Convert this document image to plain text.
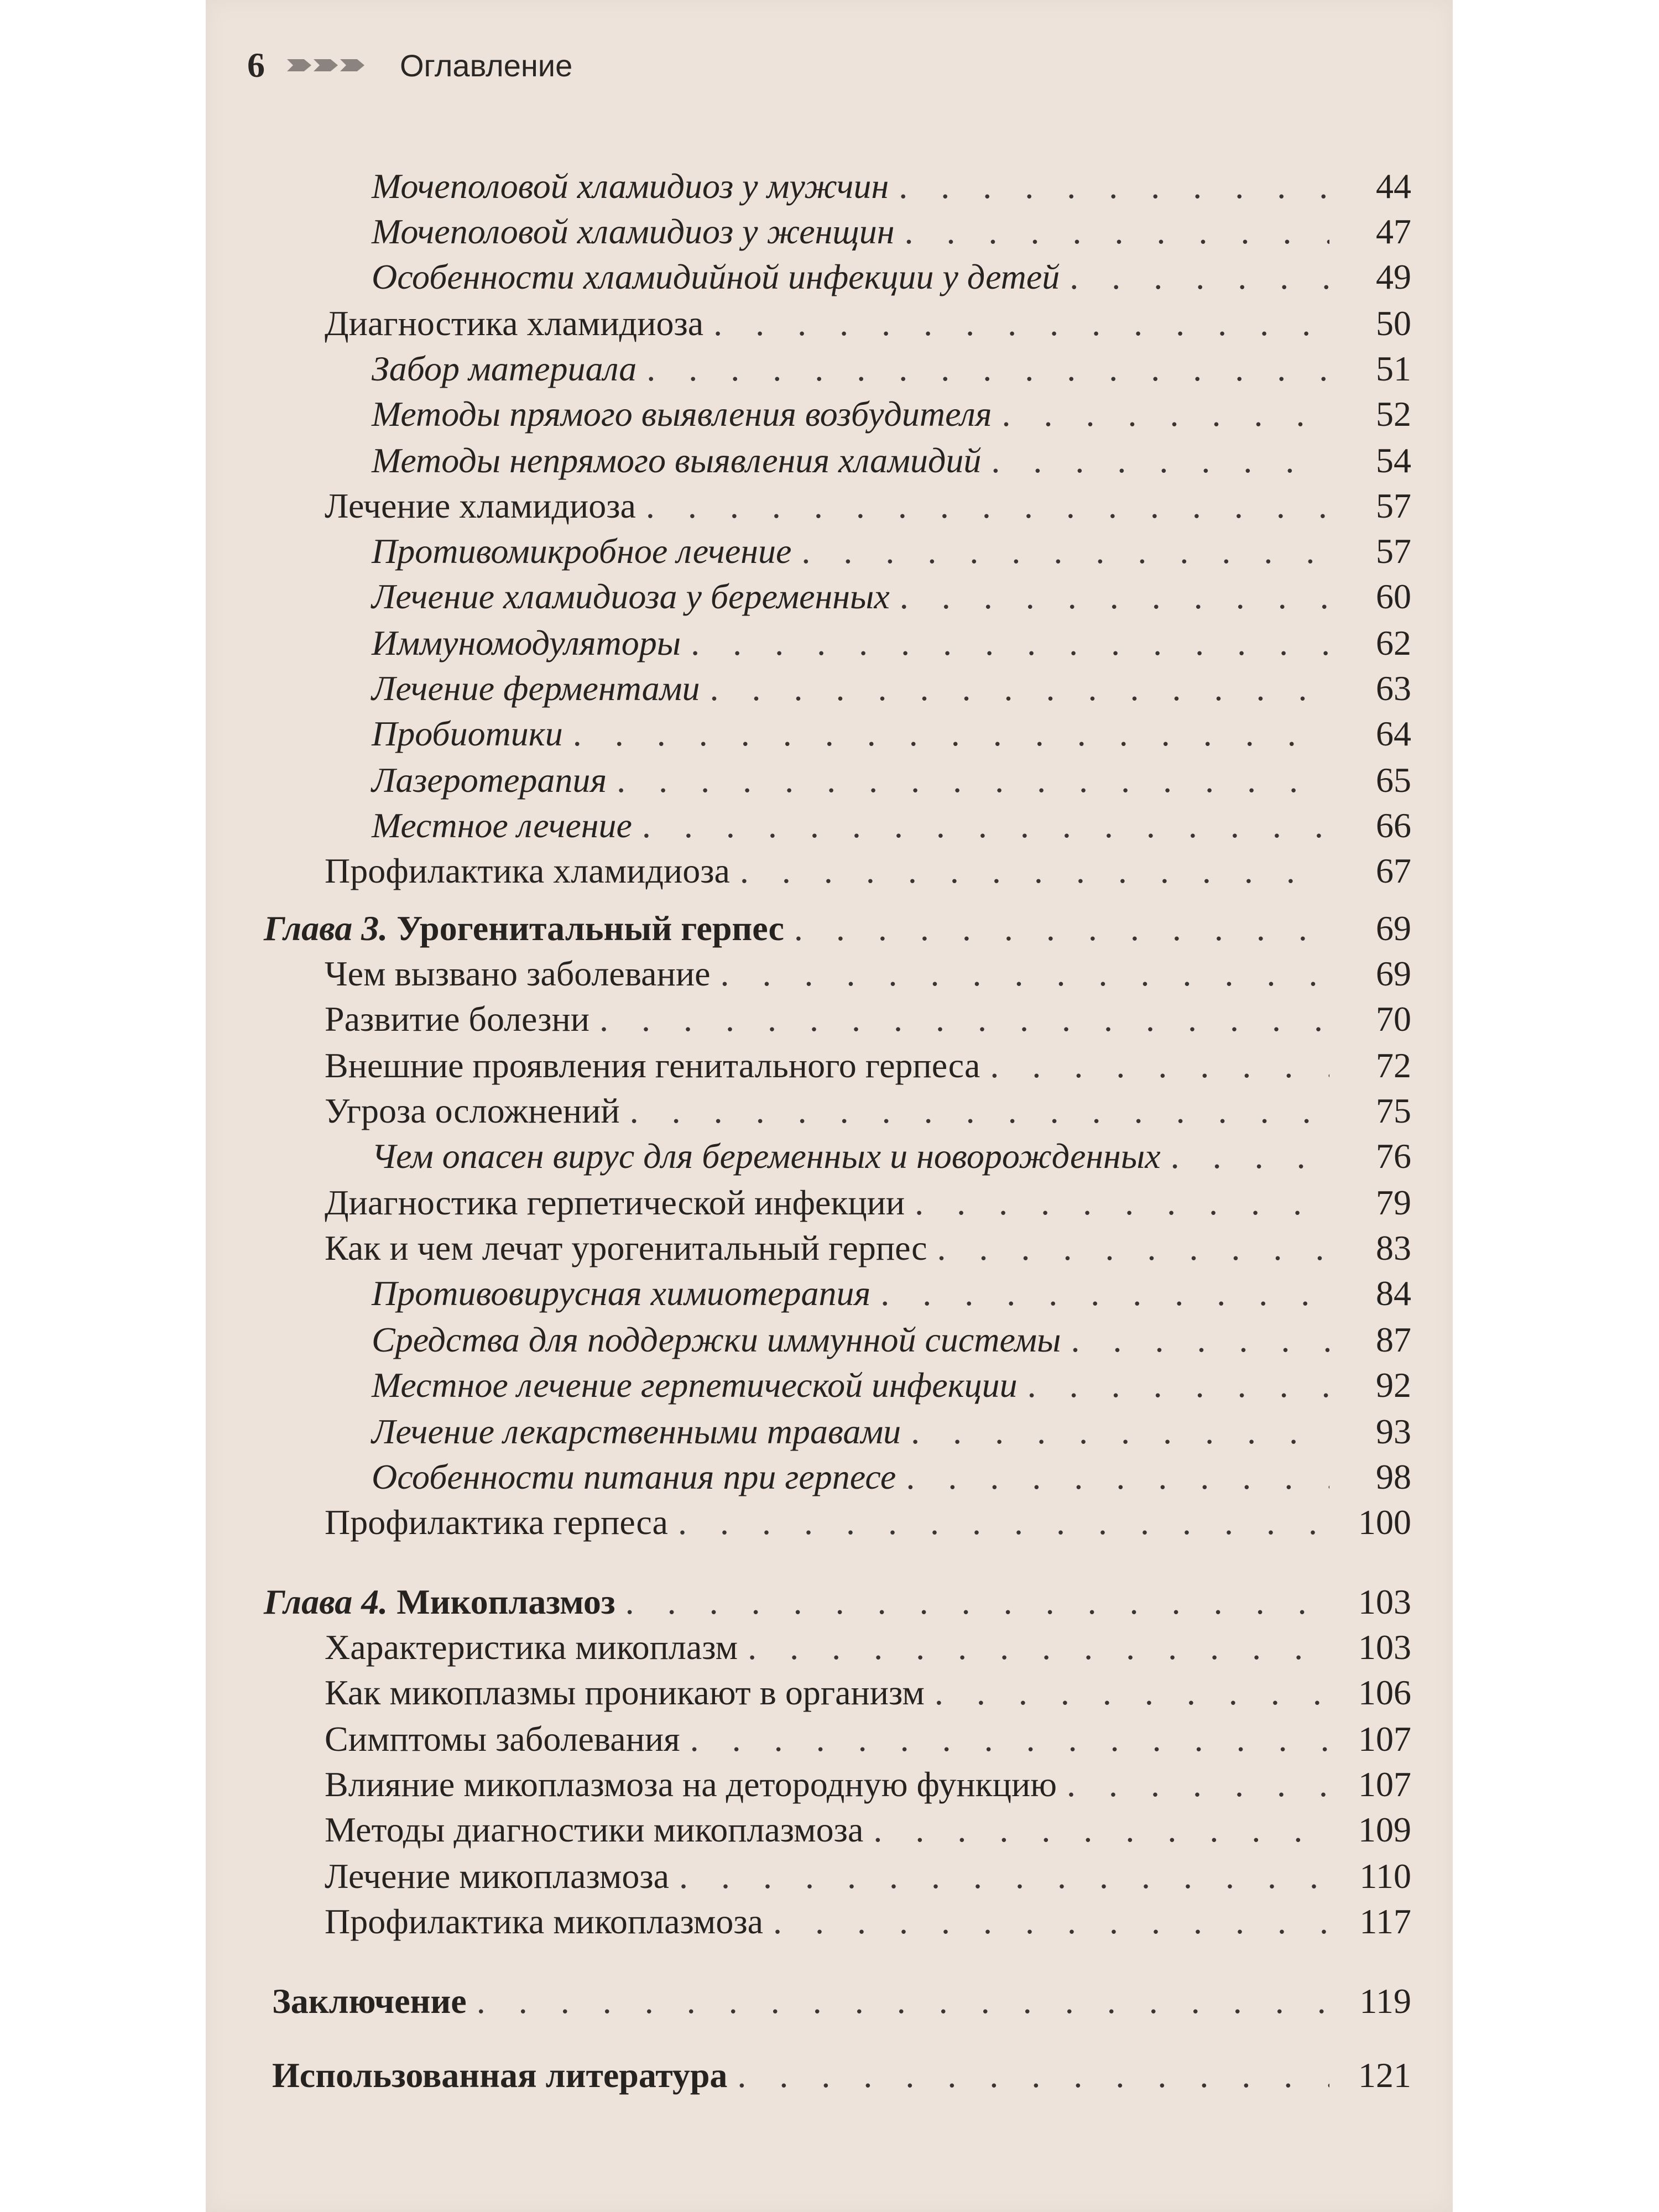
6	Оглавление
Мочеполовой хламидиоз у мужчин . . .	44
Мочеполовой хламидиоз у женщин . . .	47
Особенности хламидийной инфекции у детей . . .	49
Диагностика хламидиоза . . .	50
Забор материала . . .	51
Методы прямого выявления возбудителя . . .	52
Методы непрямого выявления хламидий . . .	54
Лечение хламидиоза . . .	57
Противомикробное лечение . . .	57
Лечение хламидиоза у беременных . . .	60
Иммуномодуляторы . . .	62
Лечение ферментами . . .	63
Пробиотики . . .	64
Лазеротерапия . . .	65
Местное лечение . . .	66
Профилактика хламидиоза . . .	67
Глава 3. Урогенитальный герпес . . .	69
Чем вызвано заболевание . . .	69
Развитие болезни . . .	70
Внешние проявления генитального герпеса . . .	72
Угроза осложнений . . .	75
Чем опасен вирус для беременных и новорожденных . . .	76
Диагностика герпетической инфекции . . .	79
Как и чем лечат урогенитальный герпес . . .	83
Противовирусная химиотерапия . . .	84
Средства для поддержки иммунной системы . . .	87
Местное лечение герпетической инфекции . . .	92
Лечение лекарственными травами . . .	93
Особенности питания при герпесе . . .	98
Профилактика герпеса . . .	100
Глава 4. Микоплазмоз . . .	103
Характеристика микоплазм . . .	103
Как микоплазмы проникают в организм . . .	106
Симптомы заболевания . . .	107
Влияние микоплазмоза на детородную функцию . . .	107
Методы диагностики микоплазмоза . . .	109
Лечение микоплазмоза . . .	110
Профилактика микоплазмоза . . .	117
Заключение . . .	119
Использованная литература . . .	121
